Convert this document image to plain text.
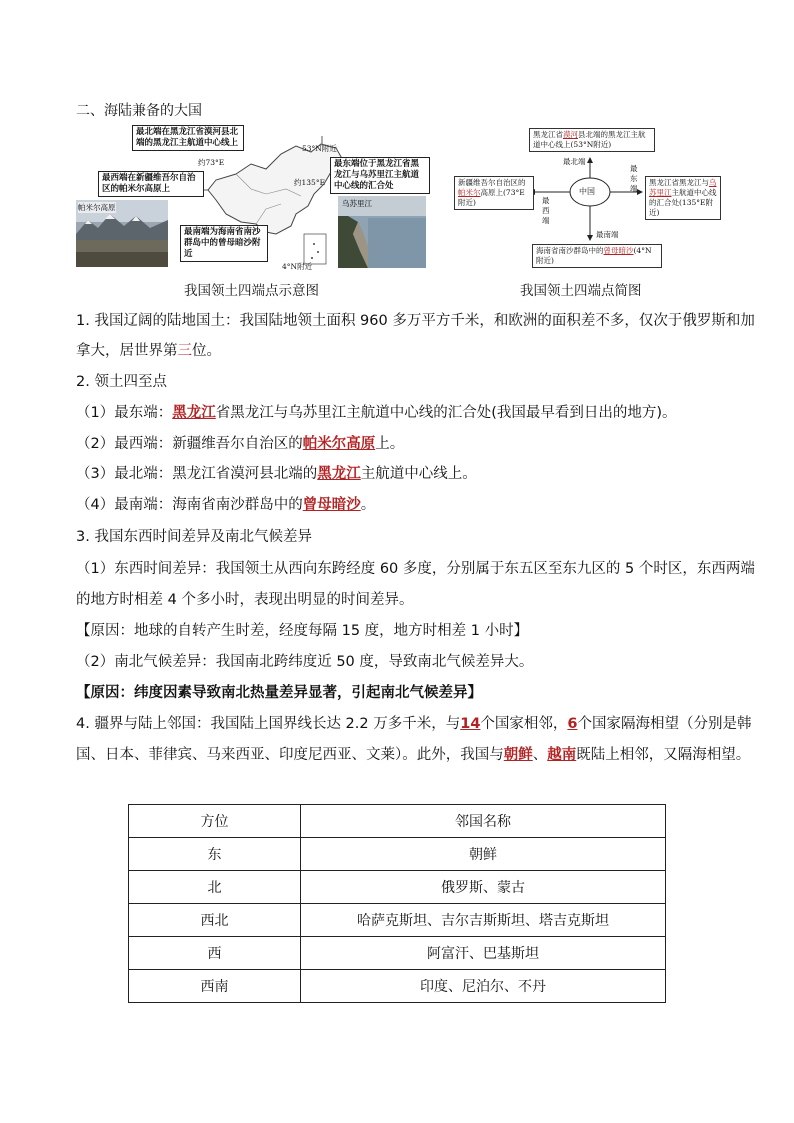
二、海陆兼备的大国
最北端在黑龙江省漠河县北端的黑龙江主航道中心线上
最西端在新疆维吾尔自治区的帕米尔高原上
最东端位于黑龙江省黑龙江与乌苏里江主航道中心线的汇合处
最南端为海南省南沙群岛中的曾母暗沙附近
53°N附近
约73°E
约135°E
4°N附近
帕米尔高原	乌苏里江
我国领土四端点示意图
中国
黑龙江省漠河县北端的黑龙江主航道中心线上(53°N附近)
新疆维吾尔自治区的帕米尔高原上(73°E附近)
黑龙江省黑龙江与乌苏里江主航道中心线的汇合处(135°E附近)
海南省南沙群岛中的曾母暗沙(4°N附近)
最北端
最南端
最东端
最西端
我国领土四端点简图
1. 我国辽阔的陆地国土：我国陆地领土面积 960 多万平方千米，和欧洲的面积差不多，仅次于俄罗斯和加
拿大，居世界第三位。
2. 领土四至点
（1）最东端：黑龙江省黑龙江与乌苏里江主航道中心线的汇合处(我国最早看到日出的地方)。
（2）最西端：新疆维吾尔自治区的帕米尔高原上。
（3）最北端：黑龙江省漠河县北端的黑龙江主航道中心线上。
（4）最南端：海南省南沙群岛中的曾母暗沙。
3. 我国东西时间差异及南北气候差异
（1）东西时间差异：我国领土从西向东跨经度 60 多度，分别属于东五区至东九区的 5 个时区，东西两端
的地方时相差 4 个多小时，表现出明显的时间差异。
【原因：地球的自转产生时差，经度每隔 15 度，地方时相差 1 小时】
（2）南北气候差异：我国南北跨纬度近 50 度，导致南北气候差异大。
【原因：纬度因素导致南北热量差异显著，引起南北气候差异】
4. 疆界与陆上邻国：我国陆上国界线长达 2.2 万多千米，与14个国家相邻，6个国家隔海相望（分别是韩
国、日本、菲律宾、马来西亚、印度尼西亚、文莱）。此外，我国与朝鲜、越南既陆上相邻，又隔海相望。
方位	邻国名称
东	朝鲜
北	俄罗斯、蒙古
西北	哈萨克斯坦、吉尔吉斯斯坦、塔吉克斯坦
西	阿富汗、巴基斯坦
西南	印度、尼泊尔、不丹
